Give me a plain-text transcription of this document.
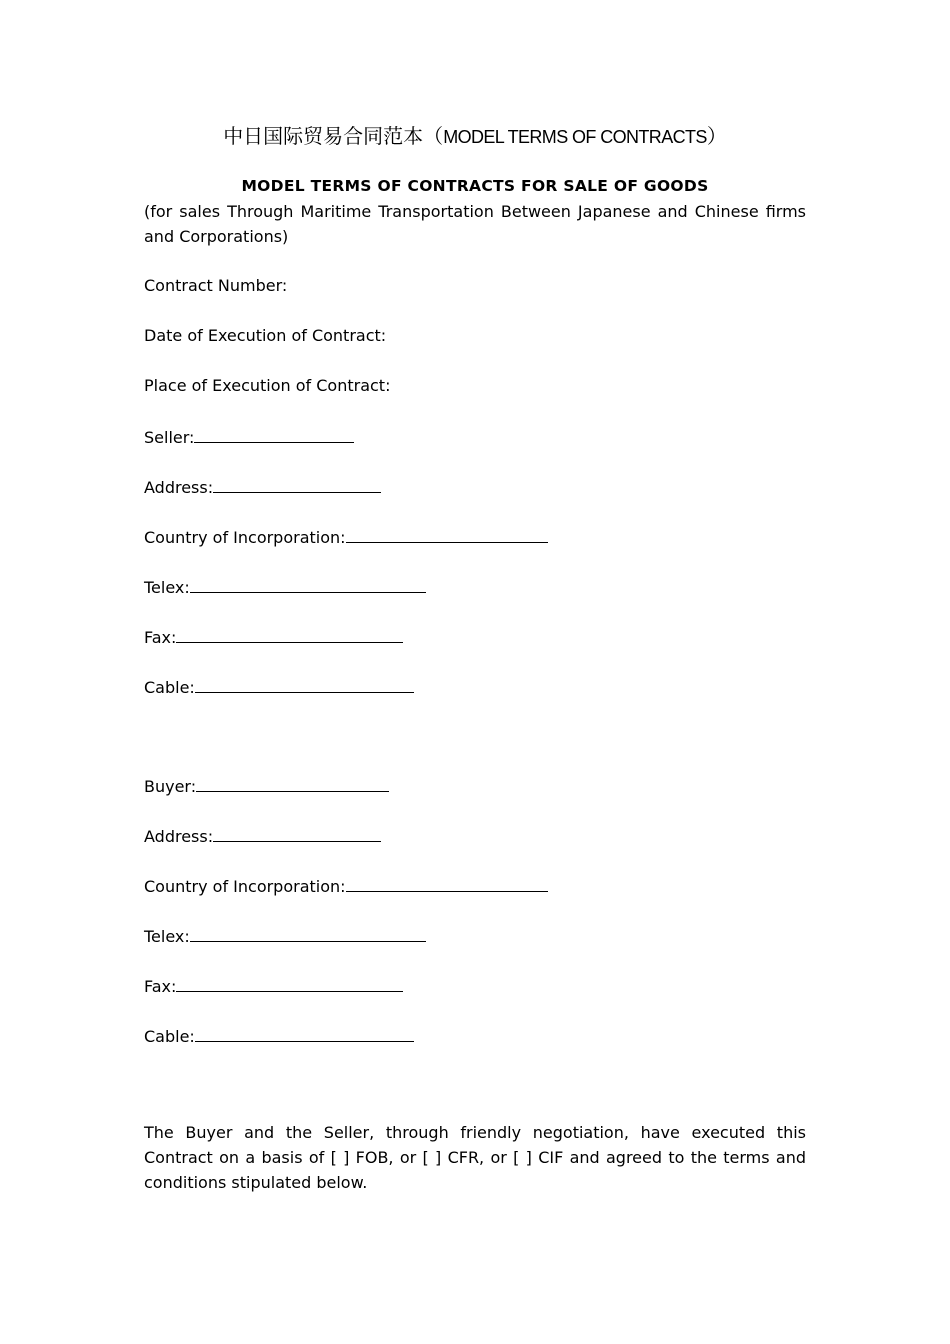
中日国际贸易合同范本（MODEL TERMS OF CONTRACTS）

MODEL TERMS OF CONTRACTS FOR SALE OF GOODS

(for sales Through Maritime Transportation Between Japanese and Chinese firms and Corporations)

Contract Number:

Date of Execution of Contract:

Place of Execution of Contract:

Seller:

Address:

Country of Incorporation:

Telex:

Fax:

Cable:

Buyer:

Address:

Country of Incorporation:

Telex:

Fax:

Cable:

The Buyer and the Seller, through friendly negotiation, have executed this Contract on a basis of [ ] FOB, or [ ] CFR, or [ ] CIF and agreed to the terms and conditions stipulated below.
